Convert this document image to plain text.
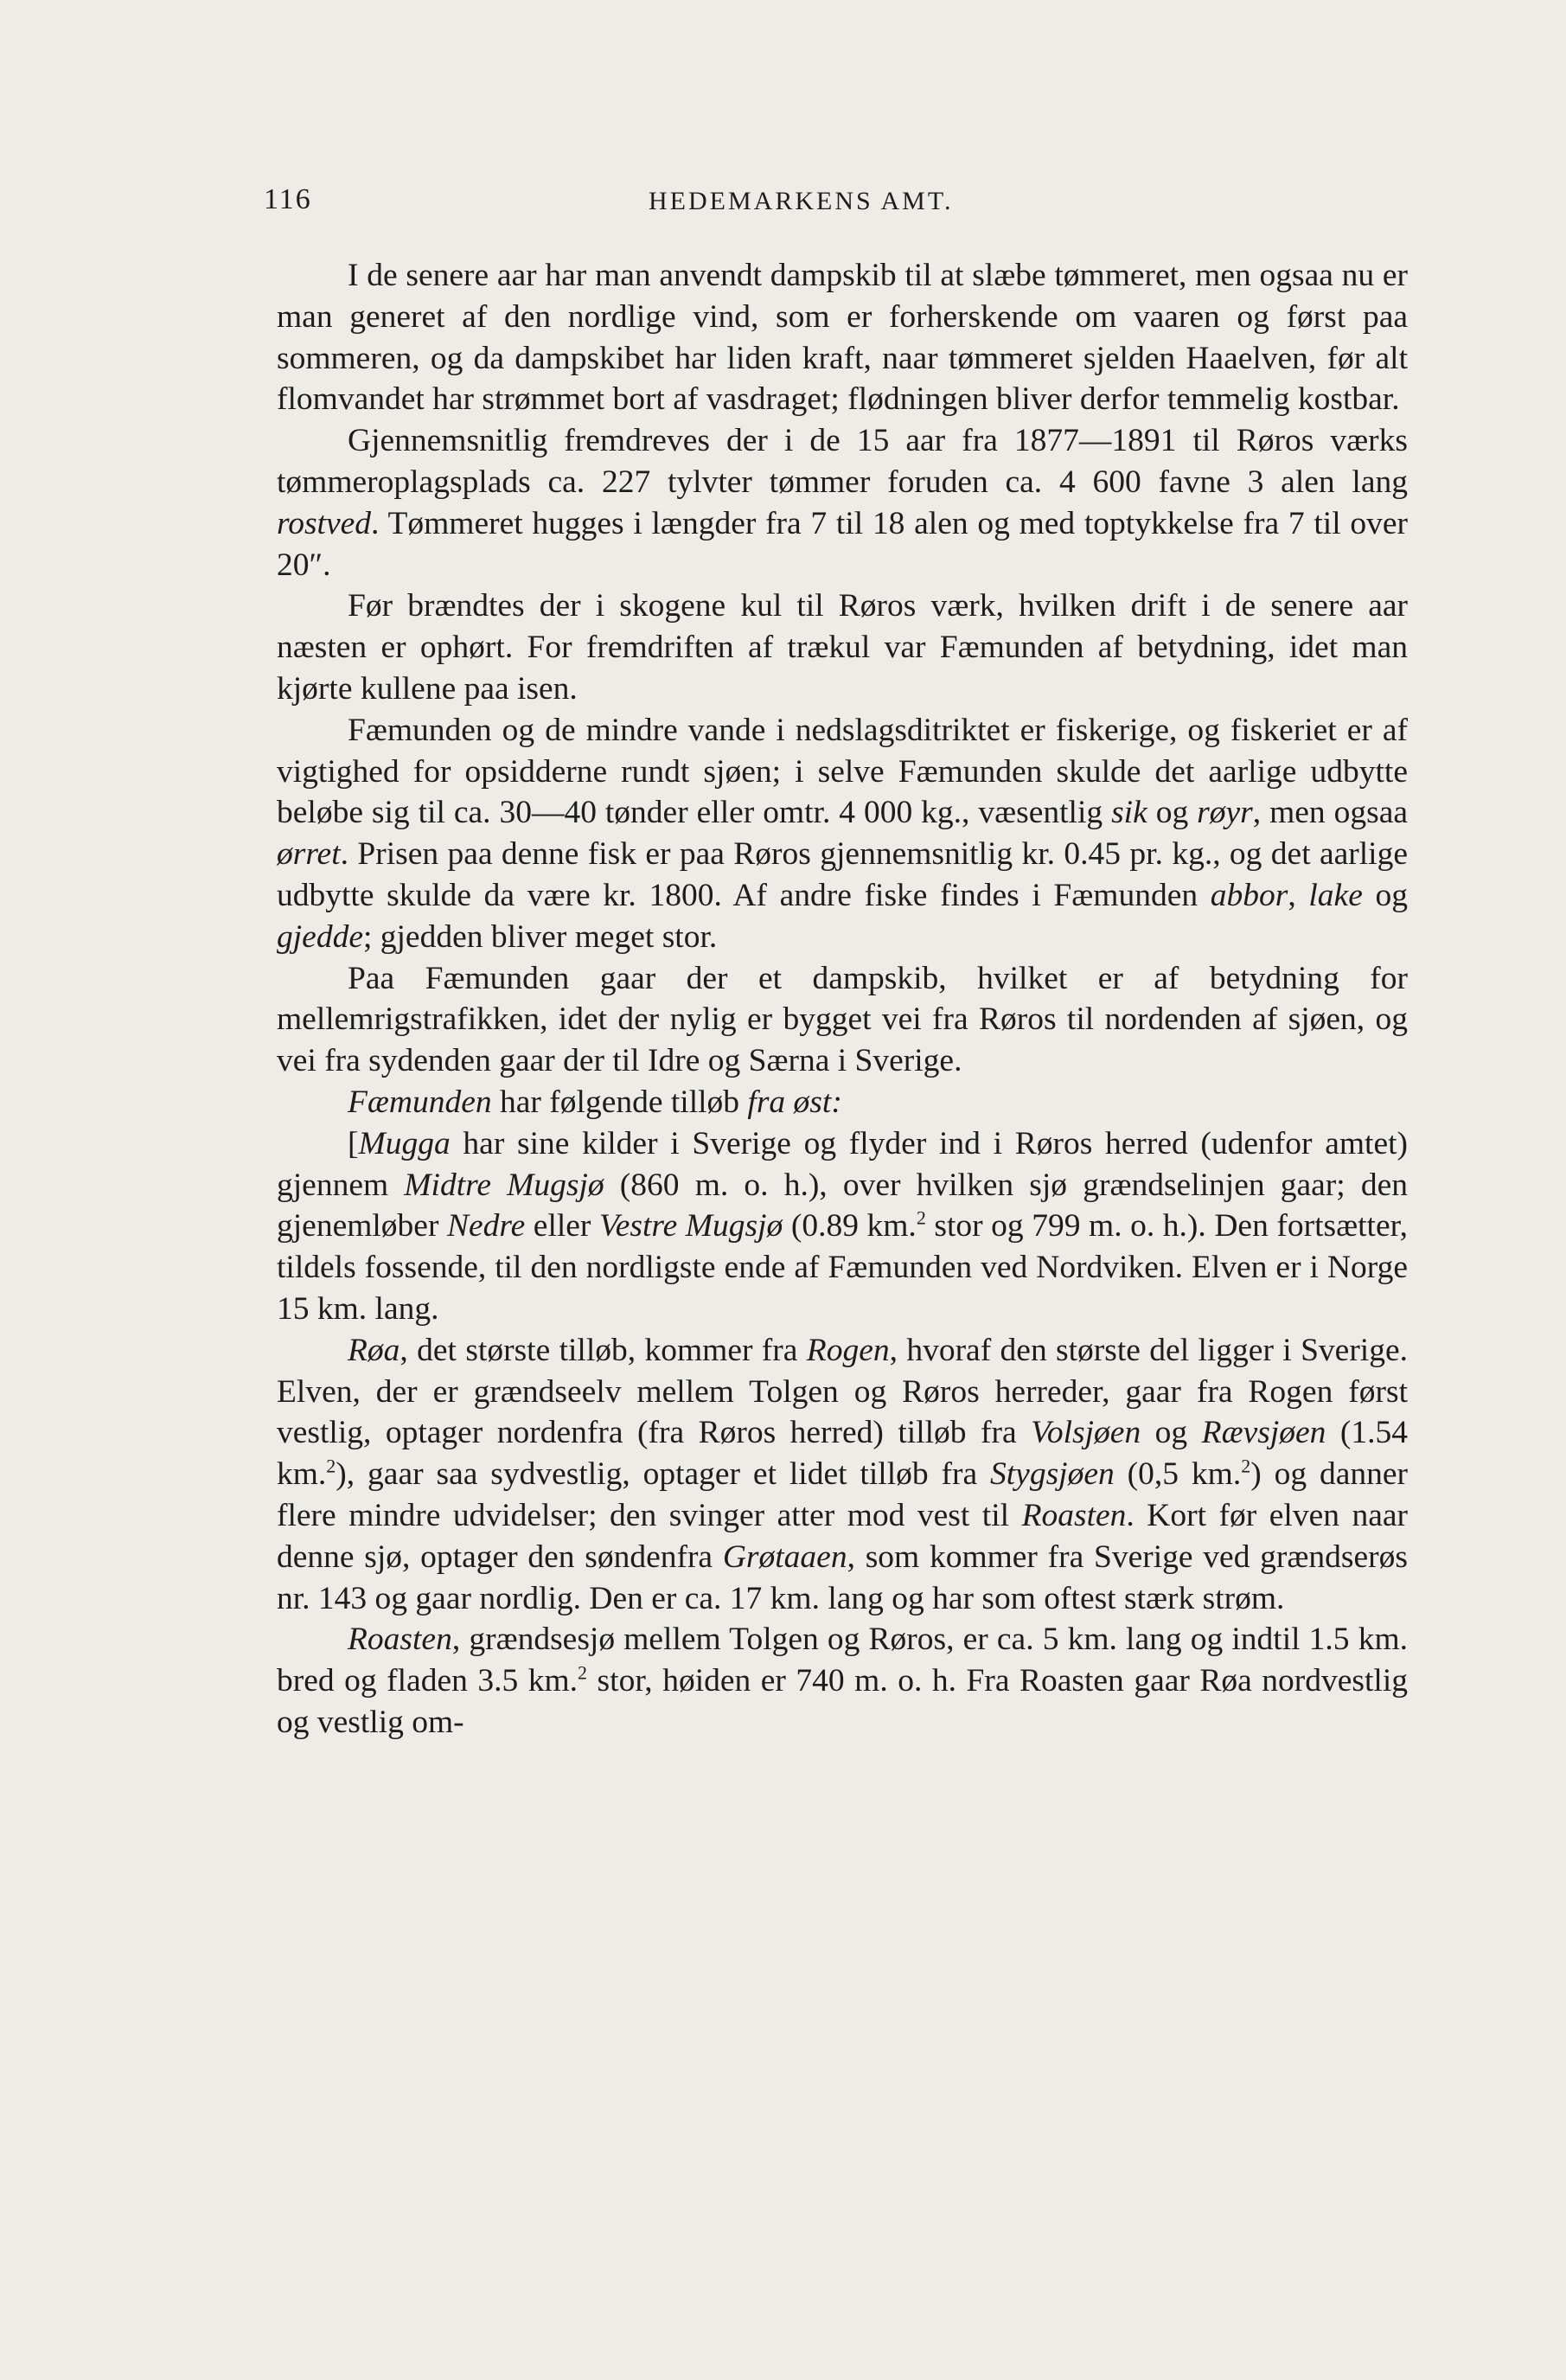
116	HEDEMARKENS AMT.

I de senere aar har man anvendt dampskib til at slæbe tømmeret, men ogsaa nu er man generet af den nordlige vind, som er forherskende om vaaren og først paa sommeren, og da dampskibet har liden kraft, naar tømmeret sjelden Haaelven, før alt flomvandet har strømmet bort af vasdraget; flødningen bliver derfor temmelig kostbar.

Gjennemsnitlig fremdreves der i de 15 aar fra 1877—1891 til Røros værks tømmeroplagsplads ca. 227 tylvter tømmer foruden ca. 4 600 favne 3 alen lang rostved. Tømmeret hugges i længder fra 7 til 18 alen og med toptykkelse fra 7 til over 20″.

Før brændtes der i skogene kul til Røros værk, hvilken drift i de senere aar næsten er ophørt. For fremdriften af trækul var Fæmunden af betydning, idet man kjørte kullene paa isen.

Fæmunden og de mindre vande i nedslagsditriktet er fiskerige, og fiskeriet er af vigtighed for opsidderne rundt sjøen; i selve Fæmunden skulde det aarlige udbytte beløbe sig til ca. 30—40 tønder eller omtr. 4 000 kg., væsentlig sik og røyr, men ogsaa ørret. Prisen paa denne fisk er paa Røros gjennemsnitlig kr. 0.45 pr. kg., og det aarlige udbytte skulde da være kr. 1800. Af andre fiske findes i Fæmunden abbor, lake og gjedde; gjedden bliver meget stor.

Paa Fæmunden gaar der et dampskib, hvilket er af betydning for mellemrigstrafikken, idet der nylig er bygget vei fra Røros til nordenden af sjøen, og vei fra sydenden gaar der til Idre og Særna i Sverige.

Fæmunden har følgende tilløb fra øst:

[Mugga har sine kilder i Sverige og flyder ind i Røros herred (udenfor amtet) gjennem Midtre Mugsjø (860 m. o. h.), over hvilken sjø grændselinjen gaar; den gjenemløber Nedre eller Vestre Mugsjø (0.89 km.$^2$ stor og 799 m. o. h.). Den fortsætter, tildels fossende, til den nordligste ende af Fæmunden ved Nordviken. Elven er i Norge 15 km. lang.

Røa, det største tilløb, kommer fra Rogen, hvoraf den største del ligger i Sverige. Elven, der er grændseelv mellem Tolgen og Røros herreder, gaar fra Rogen først vestlig, optager nordenfra (fra Røros herred) tilløb fra Volsjøen og Rævsjøen (1.54 km.$^2$), gaar saa sydvestlig, optager et lidet tilløb fra Stygsjøen (0,5 km.$^2$) og danner flere mindre udvidelser; den svinger atter mod vest til Roasten. Kort før elven naar denne sjø, optager den søndenfra Grøtaaen, som kommer fra Sverige ved grændserøs nr. 143 og gaar nordlig. Den er ca. 17 km. lang og har som oftest stærk strøm.

Roasten, grændsesjø mellem Tolgen og Røros, er ca. 5 km. lang og indtil 1.5 km. bred og fladen 3.5 km.$^2$ stor, høiden er 740 m. o. h. Fra Roasten gaar Røa nordvestlig og vestlig om-
